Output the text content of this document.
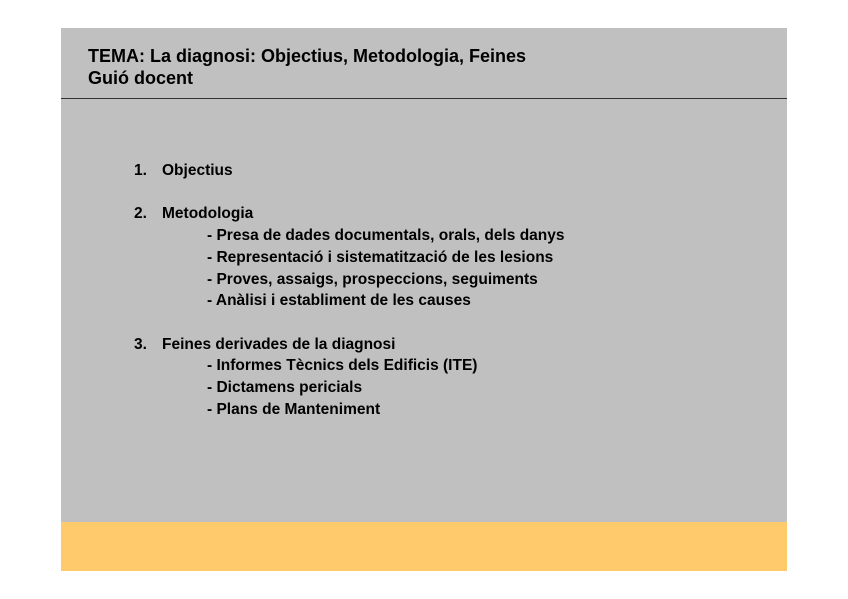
TEMA: La diagnosi: Objectius, Metodologia, Feines
Guió docent
1. Objectius
2. Metodologia
- Presa de dades documentals, orals, dels danys
- Representació i sistematització de les lesions
- Proves, assaigs, prospeccions, seguiments
- Anàlisi i establiment de les causes
3. Feines derivades de la diagnosi
- Informes Tècnics dels Edificis (ITE)
- Dictamens pericials
- Plans de Manteniment
